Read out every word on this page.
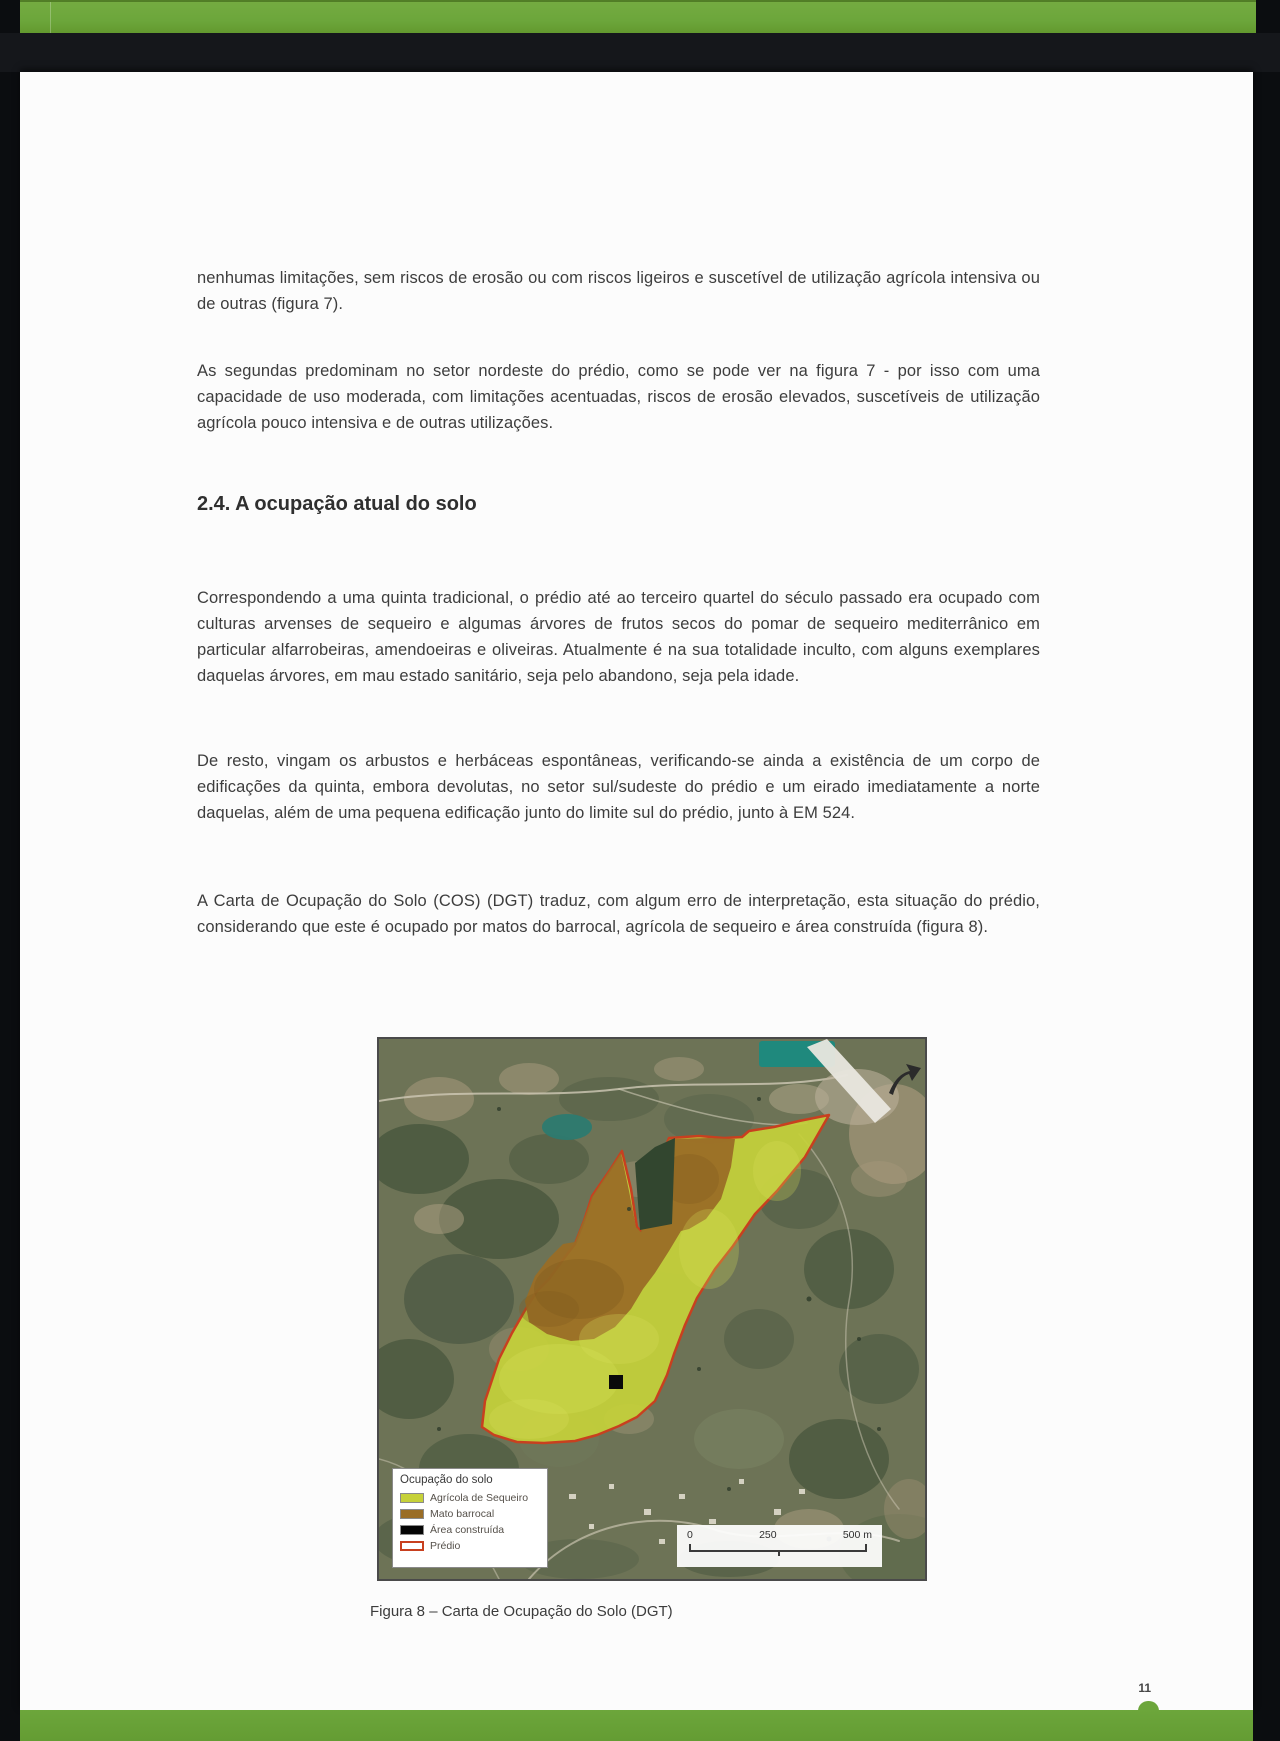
nenhumas limitações, sem riscos de erosão ou com riscos ligeiros e suscetível de utilização agrícola intensiva ou de outras (figura 7).

As segundas predominam no setor nordeste do prédio, como se pode ver na figura 7 - por isso com uma capacidade de uso moderada, com limitações acentuadas, riscos de erosão elevados, suscetíveis de utilização agrícola pouco intensiva e de outras utilizações.

2.4. A ocupação atual do solo

Correspondendo a uma quinta tradicional, o prédio até ao terceiro quartel do século passado era ocupado com culturas arvenses de sequeiro e algumas árvores de frutos secos do pomar de sequeiro mediterrânico em particular alfarrobeiras, amendoeiras e oliveiras. Atualmente é na sua totalidade inculto, com alguns exemplares daquelas árvores, em mau estado sanitário, seja pelo abandono, seja pela idade.

De resto, vingam os arbustos e herbáceas espontâneas, verificando-se ainda a existência de um corpo de edificações da quinta, embora devolutas, no setor sul/sudeste do prédio e um eirado imediatamente a norte daquelas, além de uma pequena edificação junto do limite sul do prédio, junto à EM 524.

A Carta de Ocupação do Solo (COS) (DGT) traduz, com algum erro de interpretação, esta situação do prédio, considerando que este é ocupado por matos do barrocal, agrícola de sequeiro e área construída (figura 8).

Ocupação do solo
Agrícola de Sequeiro
Mato barrocal
Área construída
Prédio
0	250	500 m
Figura 8 – Carta de Ocupação do Solo (DGT)
11
